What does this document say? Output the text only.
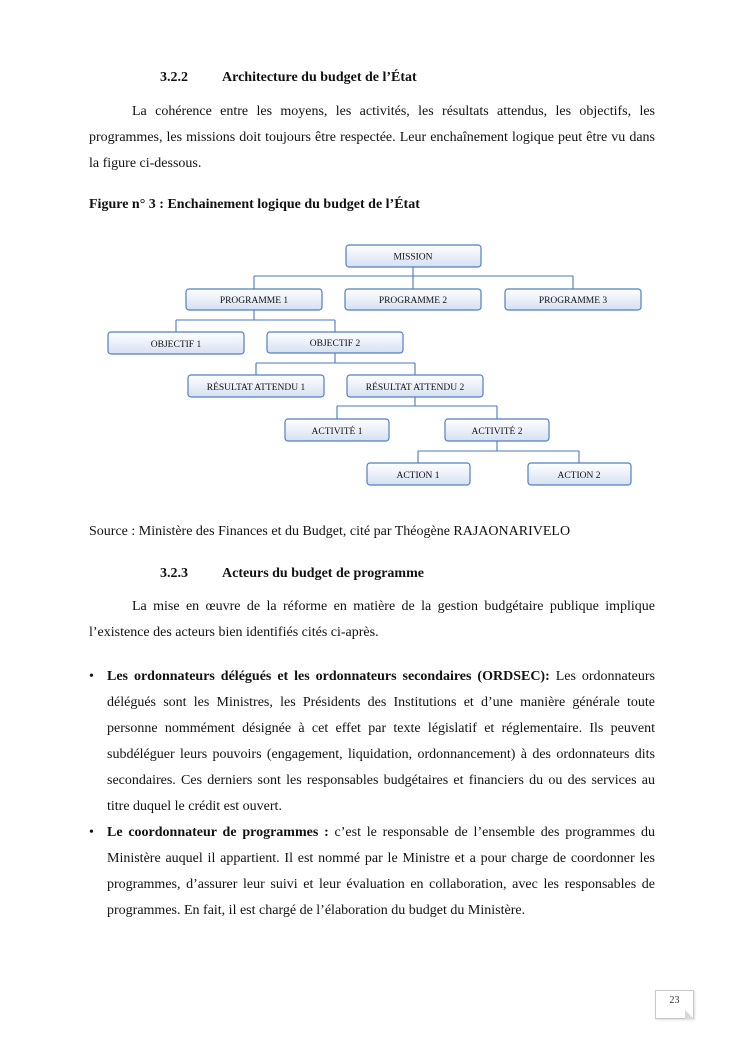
3.2.2 Architecture du budget de l’État

La cohérence entre les moyens, les activités, les résultats attendus, les objectifs, les programmes, les missions doit toujours être respectée. Leur enchaînement logique peut être vu dans la figure ci-dessous.

Figure n° 3 : Enchainement logique du budget de l’État
MISSION
PROGRAMME 1	PROGRAMME 2	PROGRAMME 3
OBJECTIF 1	OBJECTIF 2
RÉSULTAT ATTENDU 1	RÉSULTAT ATTENDU 2
ACTIVITÉ 1	ACTIVITÉ 2
ACTION 1	ACTION 2
Source : Ministère des Finances et du Budget, cité par Théogène RAJAONARIVELO
3.2.3 Acteurs du budget de programme

La mise en œuvre de la réforme en matière de la gestion budgétaire publique implique l’existence des acteurs bien identifiés cités ci-après.

• Les ordonnateurs délégués et les ordonnateurs secondaires (ORDSEC): Les ordonnateurs délégués sont les Ministres, les Présidents des Institutions et d’une manière générale toute personne nommément désignée à cet effet par texte législatif et réglementaire. Ils peuvent subdéléguer leurs pouvoirs (engagement, liquidation, ordonnancement) à des ordonnateurs dits secondaires. Ces derniers sont les responsables budgétaires et financiers du ou des services au titre duquel le crédit est ouvert.
• Le coordonnateur de programmes : c’est le responsable de l’ensemble des programmes du Ministère auquel il appartient. Il est nommé par le Ministre et a pour charge de coordonner les programmes, d’assurer leur suivi et leur évaluation en collaboration, avec les responsables de programmes. En fait, il est chargé de l’élaboration du budget du Ministère.
23
